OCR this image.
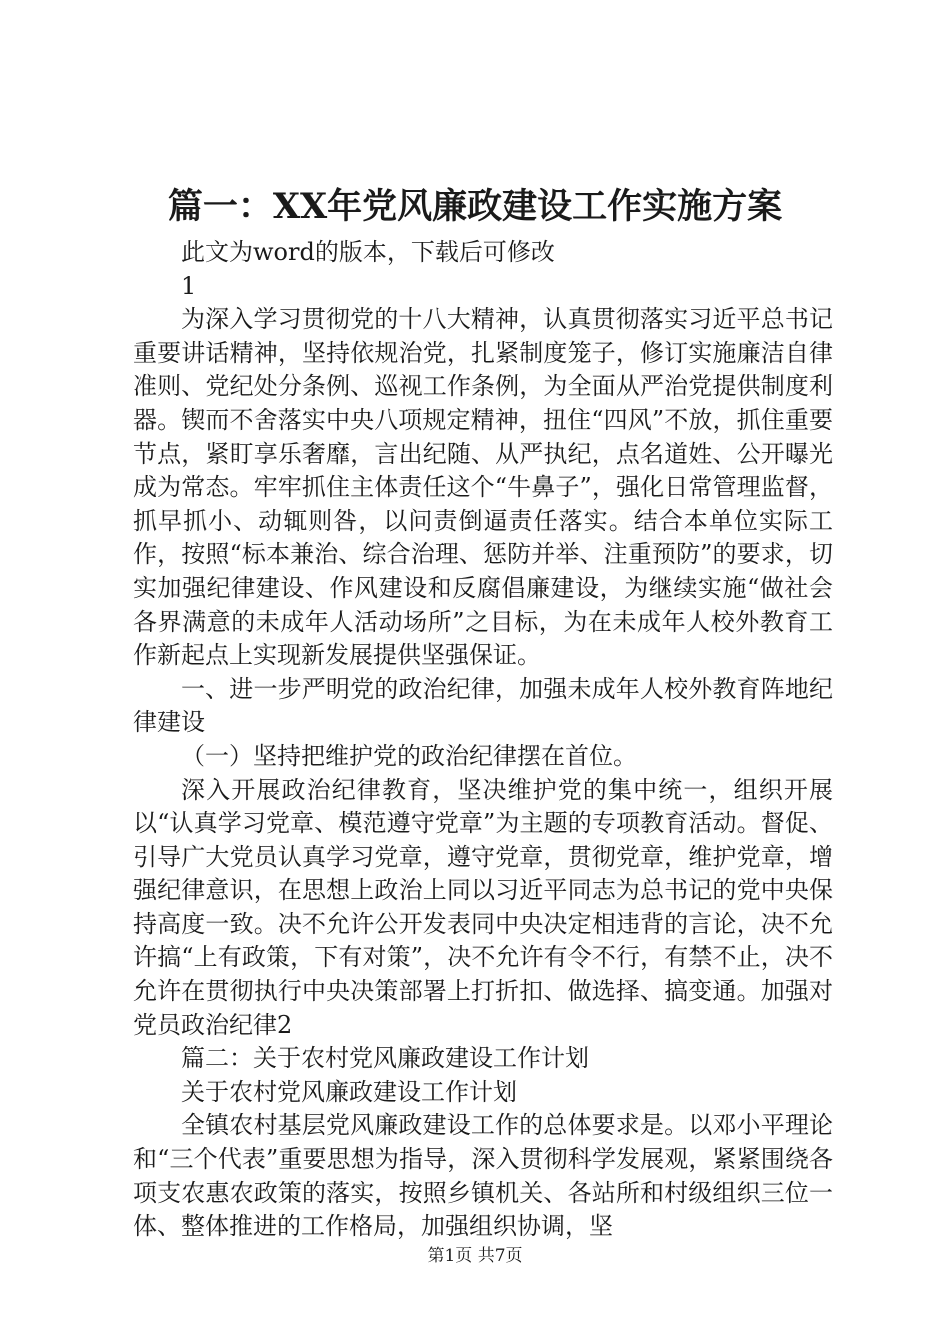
篇一：XX年党风廉政建设工作实施方案

此文为word的版本，下载后可修改

1

为深入学习贯彻党的十八大精神，认真贯彻落实习近平总书记重要讲话精神，坚持依规治党，扎紧制度笼子，修订实施廉洁自律准则、党纪处分条例、巡视工作条例，为全面从严治党提供制度利器。锲而不舍落实中央八项规定精神，扭住“四风”不放，抓住重要节点，紧盯享乐奢靡，言出纪随、从严执纪，点名道姓、公开曝光成为常态。牢牢抓住主体责任这个“牛鼻子”，强化日常管理监督，抓早抓小、动辄则咎，以问责倒逼责任落实。结合本单位实际工作，按照“标本兼治、综合治理、惩防并举、注重预防”的要求，切实加强纪律建设、作风建设和反腐倡廉建设，为继续实施“做社会各界满意的未成年人活动场所”之目标，为在未成年人校外教育工作新起点上实现新发展提供坚强保证。

一、进一步严明党的政治纪律，加强未成年人校外教育阵地纪律建设

（一）坚持把维护党的政治纪律摆在首位。

深入开展政治纪律教育，坚决维护党的集中统一，组织开展以“认真学习党章、模范遵守党章”为主题的专项教育活动。督促、引导广大党员认真学习党章，遵守党章，贯彻党章，维护党章，增强纪律意识，在思想上政治上同以习近平同志为总书记的党中央保持高度一致。决不允许公开发表同中央决定相违背的言论，决不允许搞“上有政策，下有对策”，决不允许有令不行，有禁不止，决不允许在贯彻执行中央决策部署上打折扣、做选择、搞变通。加强对党员政治纪律2

篇二：关于农村党风廉政建设工作计划

关于农村党风廉政建设工作计划

全镇农村基层党风廉政建设工作的总体要求是。以邓小平理论和“三个代表”重要思想为指导，深入贯彻科学发展观，紧紧围绕各项支农惠农政策的落实，按照乡镇机关、各站所和村级组织三位一体、整体推进的工作格局，加强组织协调，坚

第1页 共7页
